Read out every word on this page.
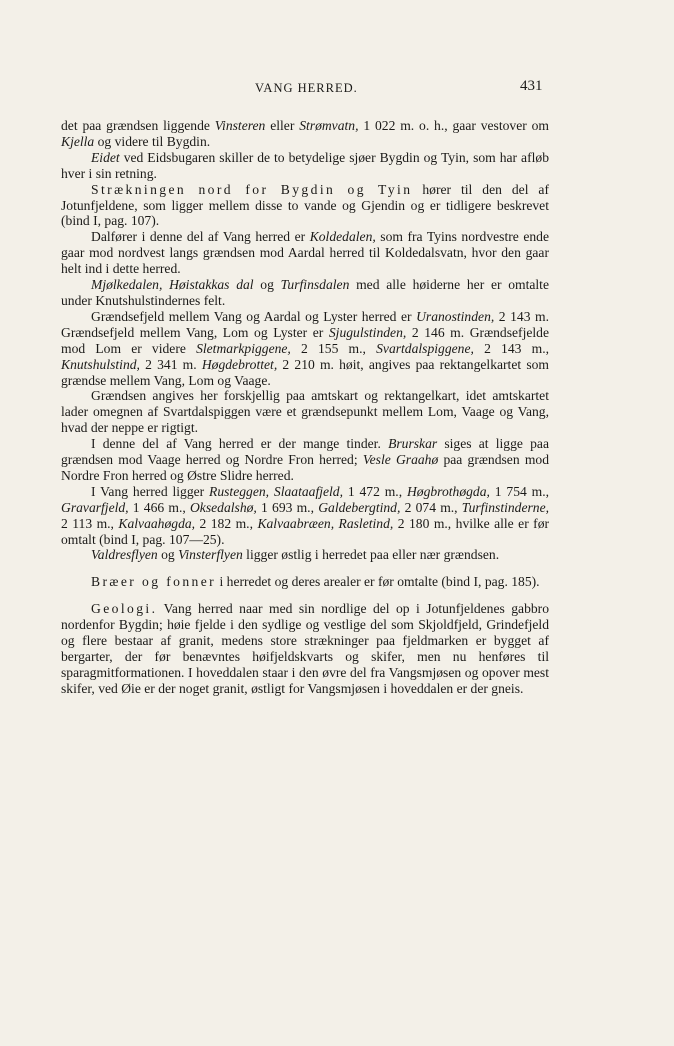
VANG HERRED.	431

det paa grændsen liggende Vinsteren eller Strømvatn, 1 022 m. o. h., gaar vestover om Kjella og videre til Bygdin.

Eidet ved Eidsbugaren skiller de to betydelige sjøer Bygdin og Tyin, som har afløb hver i sin retning.

Strækningen nord for Bygdin og Tyin hører til den del af Jotunfjeldene, som ligger mellem disse to vande og Gjendin og er tidligere beskrevet (bind I, pag. 107).

Dalfører i denne del af Vang herred er Koldedalen, som fra Tyins nordvestre ende gaar mod nordvest langs grændsen mod Aardal herred til Koldedalsvatn, hvor den gaar helt ind i dette herred.

Mjølkedalen, Høistakkas dal og Turfinsdalen med alle høiderne her er omtalte under Knutshulstindernes felt.

Grændsefjeld mellem Vang og Aardal og Lyster herred er Uranostinden, 2 143 m. Grændsefjeld mellem Vang, Lom og Lyster er Sjugulstinden, 2 146 m. Grændsefjelde mod Lom er videre Sletmarkpiggene, 2 155 m., Svartdalspiggene, 2 143 m., Knutshulstind, 2 341 m. Høgdebrottet, 2 210 m. høit, angives paa rektangelkartet som grændse mellem Vang, Lom og Vaage.

Grændsen angives her forskjellig paa amtskart og rektangelkart, idet amtskartet lader omegnen af Svartdalspiggen være et grændsepunkt mellem Lom, Vaage og Vang, hvad der neppe er rigtigt.

I denne del af Vang herred er der mange tinder. Brurskar siges at ligge paa grændsen mod Vaage herred og Nordre Fron herred; Vesle Graahø paa grændsen mod Nordre Fron herred og Østre Slidre herred.

I Vang herred ligger Rusteggen, Slaataafjeld, 1 472 m., Høgbrothøgda, 1 754 m., Gravarfjeld, 1 466 m., Oksedalshø, 1 693 m., Galdebergtind, 2 074 m., Turfinstinderne, 2 113 m., Kalvaahøgda, 2 182 m., Kalvaabræen, Rasletind, 2 180 m., hvilke alle er før omtalt (bind I, pag. 107—25).

Valdresflyen og Vinsterflyen ligger østlig i herredet paa eller nær grændsen.

Bræer og fonner i herredet og deres arealer er før omtalte (bind I, pag. 185).

Geologi. Vang herred naar med sin nordlige del op i Jotunfjeldenes gabbro nordenfor Bygdin; høie fjelde i den sydlige og vestlige del som Skjoldfjeld, Grindefjeld og flere bestaar af granit, medens store strækninger paa fjeldmarken er bygget af bergarter, der før benævntes høifjeldskvarts og skifer, men nu henføres til sparagmitformationen. I hoveddalen staar i den øvre del fra Vangsmjøsen og opover mest skifer, ved Øie er der noget granit, østligt for Vangsmjøsen i hoveddalen er der gneis.
